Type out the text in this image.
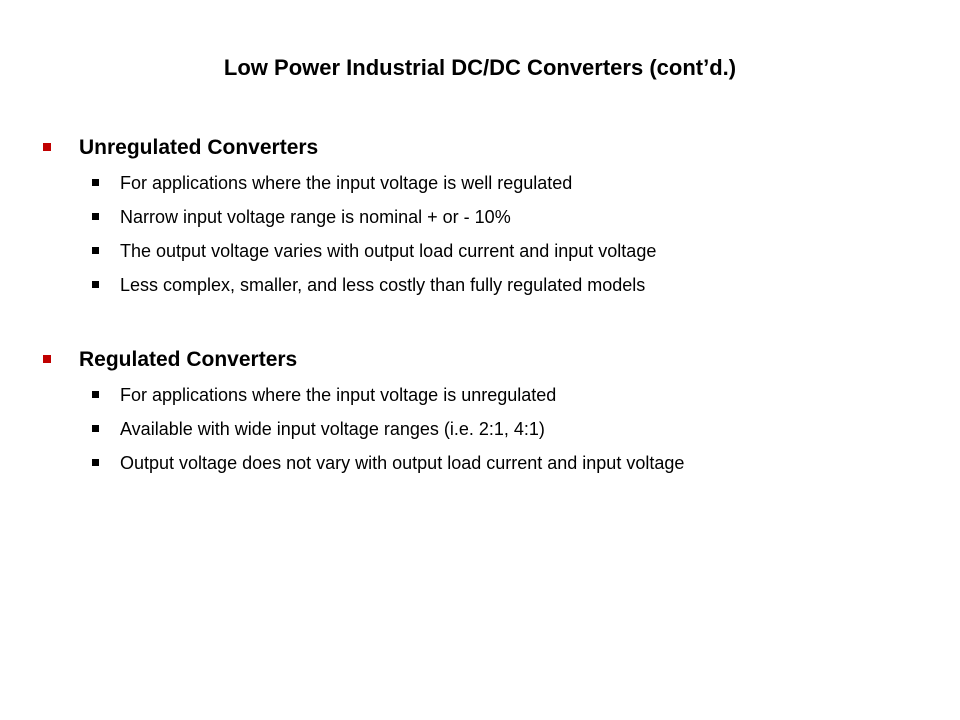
Low Power Industrial DC/DC Converters (cont’d.)
Unregulated Converters
For applications where the input voltage is well regulated
Narrow input voltage range is nominal + or - 10%
The output voltage varies with output load current and input voltage
Less complex, smaller, and less costly than fully regulated models
Regulated Converters
For applications where the input voltage is unregulated
Available with wide input voltage ranges (i.e. 2:1, 4:1)
Output voltage does not vary with output load current and input voltage
